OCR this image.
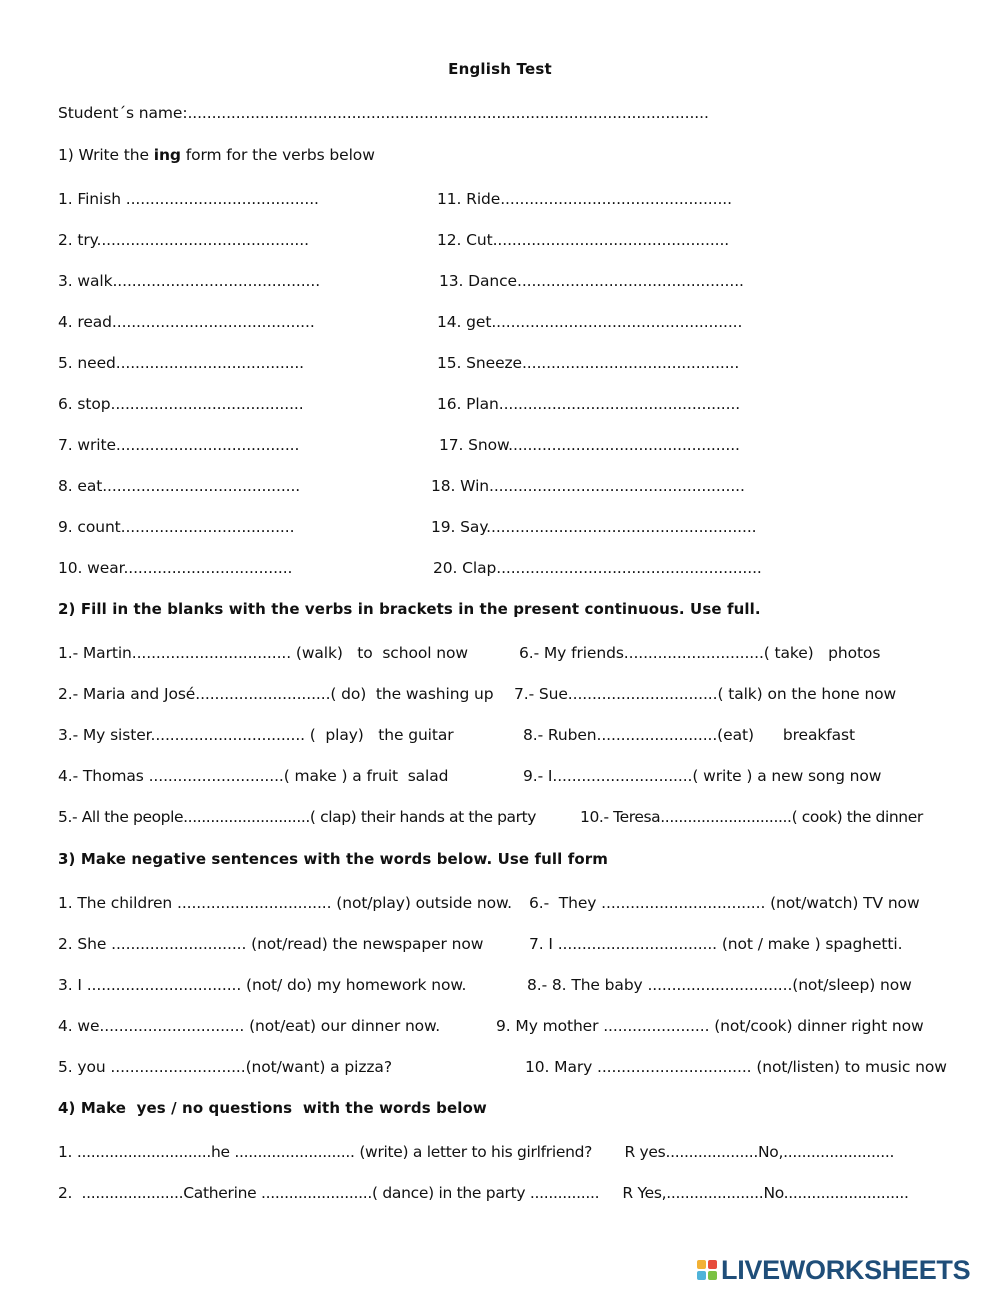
English Test
Student´s name:............................................................................................................
1) Write the ing form for the verbs below
1. Finish ........................................
2. try............................................
3. walk...........................................
4. read..........................................
5. need.......................................
6. stop........................................
7. write......................................
8. eat.........................................
9. count....................................
10. wear...................................
11. Ride................................................
12. Cut.................................................
13. Dance...............................................
14. get....................................................
15. Sneeze.............................................
16. Plan..................................................
17. Snow................................................
18. Win.....................................................
19. Say........................................................
20. Clap.......................................................
2) Fill in the blanks with the verbs in brackets in the present continuous. Use full.
1.- Martin................................. (walk)   to  school now
2.- Maria and José............................( do)  the washing up
3.- My sister................................ (  play)   the guitar
4.- Thomas ............................( make ) a fruit  salad
5.- All the people............................( clap) their hands at the party
6.- My friends.............................( take)   photos
7.- Sue...............................( talk) on the hone now
8.- Ruben.........................(eat)      breakfast
9.- I.............................( write ) a new song now
10.- Teresa.............................( cook) the dinner
3) Make negative sentences with the words below. Use full form
1. The children ................................ (not/play) outside now.
2. She ............................ (not/read) the newspaper now
3. I ................................ (not/ do) my homework now.
4. we.............................. (not/eat) our dinner now.
5. you ............................(not/want) a pizza?
6.-  They .................................. (not/watch) TV now
7. I ................................. (not / make ) spaghetti.
8.- 8. The baby ..............................(not/sleep) now
9. My mother ...................... (not/cook) dinner right now
10. Mary ................................ (not/listen) to music now
4) Make  yes / no questions  with the words below
1. .............................he .......................... (write) a letter to his girlfriend?       R yes....................No,........................
2.  ......................Catherine ........................( dance) in the party ...............     R Yes,.....................No...........................
LIVEWORKSHEETS
